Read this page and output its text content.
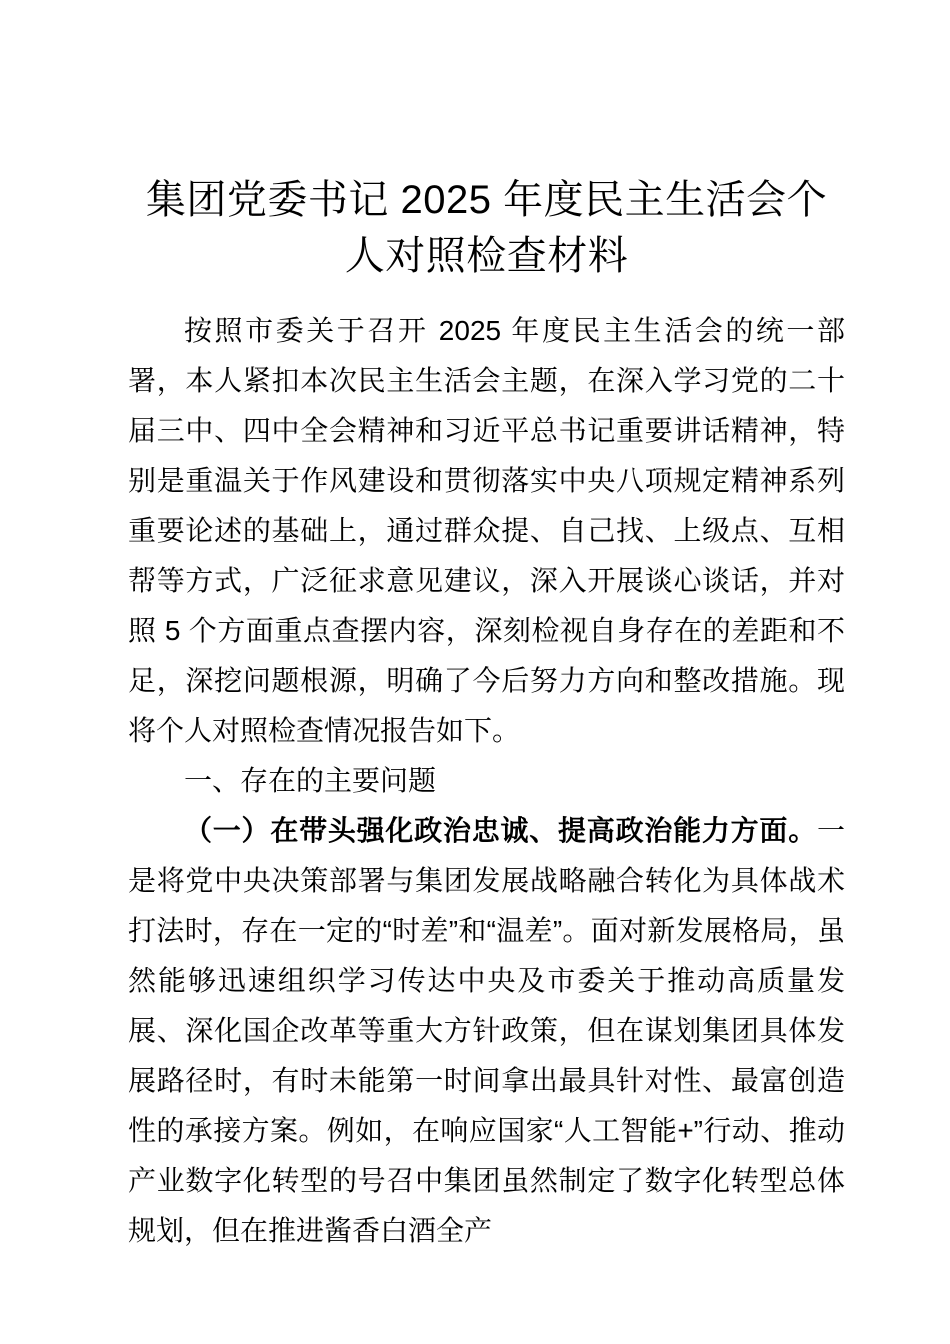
集团党委书记 2025 年度民主生活会个人对照检查材料

按照市委关于召开 2025 年度民主生活会的统一部署，本人紧扣本次民主生活会主题，在深入学习党的二十届三中、四中全会精神和习近平总书记重要讲话精神，特别是重温关于作风建设和贯彻落实中央八项规定精神系列重要论述的基础上，通过群众提、自己找、上级点、互相帮等方式，广泛征求意见建议，深入开展谈心谈话，并对照 5 个方面重点查摆内容，深刻检视自身存在的差距和不足，深挖问题根源，明确了今后努力方向和整改措施。现将个人对照检查情况报告如下。

一、存在的主要问题

（一）在带头强化政治忠诚、提高政治能力方面。一是将党中央决策部署与集团发展战略融合转化为具体战术打法时，存在一定的“时差”和“温差”。面对新发展格局，虽然能够迅速组织学习传达中央及市委关于推动高质量发展、深化国企改革等重大方针政策，但在谋划集团具体发展路径时，有时未能第一时间拿出最具针对性、最富创造性的承接方案。例如，在响应国家“人工智能+”行动、推动产业数字化转型的号召中集团虽然制定了数字化转型总体规划，但在推进酱香白酒全产
